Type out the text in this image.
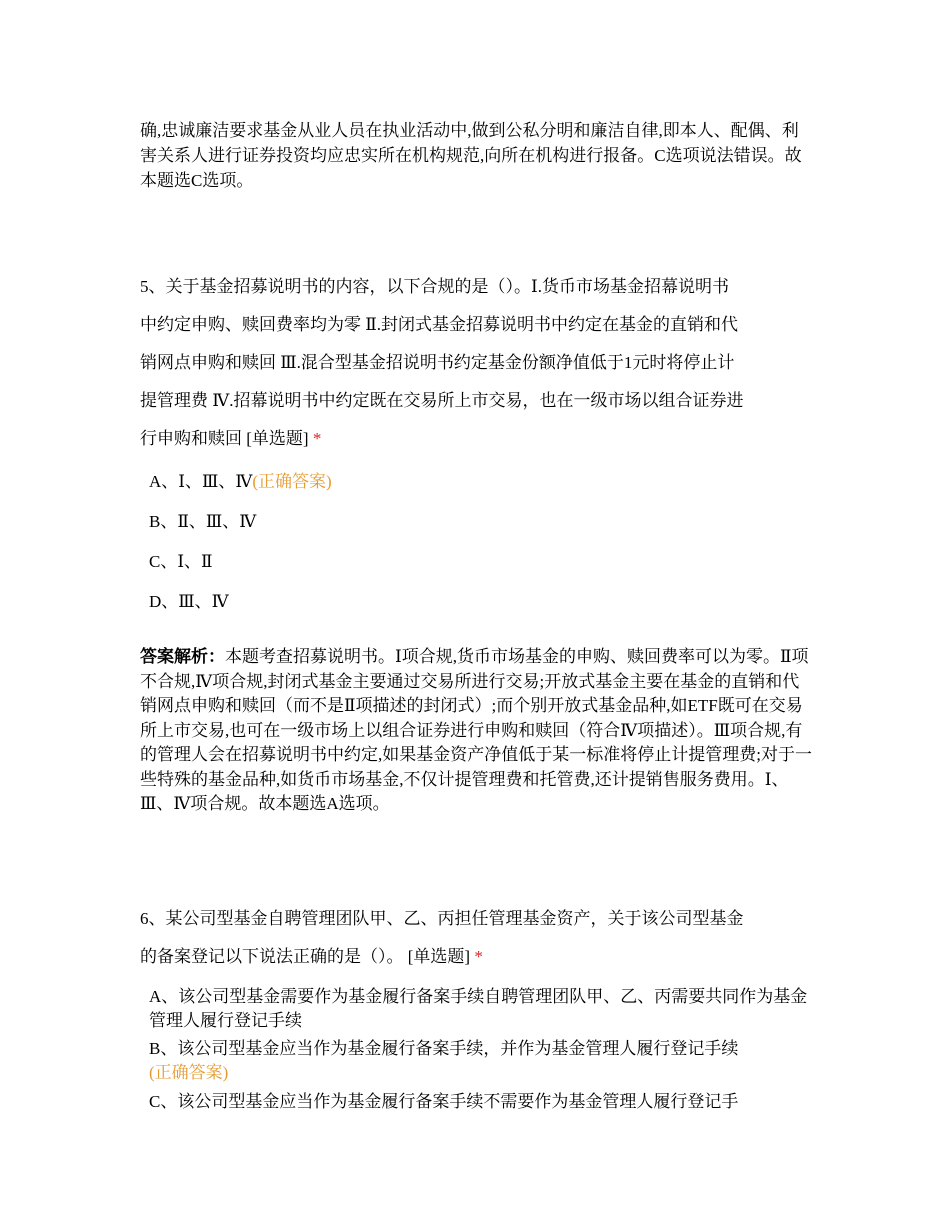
确,忠诚廉洁要求基金从业人员在执业活动中,做到公私分明和廉洁自律,即本人、配偶、利害关系人进行证券投资均应忠实所在机构规范,向所在机构进行报备。C选项说法错误。故本题选C选项。

5、关于基金招募说明书的内容，以下合规的是（）。Ⅰ.货币市场基金招幕说明书

中约定申购、赎回费率均为零 Ⅱ.封闭式基金招募说明书中约定在基金的直销和代

销网点申购和赎回 Ⅲ.混合型基金招说明书约定基金份额净值低于1元时将停止计

提管理费 Ⅳ.招幕说明书中约定既在交易所上市交易，也在一级市场以组合证券进

行申购和赎回 [单选题] *

A、Ⅰ、Ⅲ、Ⅳ(正确答案)
B、Ⅱ、Ⅲ、Ⅳ
C、Ⅰ、Ⅱ
D、Ⅲ、Ⅳ

答案解析：本题考查招募说明书。Ⅰ项合规,货币市场基金的申购、赎回费率可以为零。Ⅱ项不合规,Ⅳ项合规,封闭式基金主要通过交易所进行交易;开放式基金主要在基金的直销和代销网点申购和赎回（而不是Ⅱ项描述的封闭式）;而个别开放式基金品种,如ETF既可在交易所上市交易,也可在一级市场上以组合证券进行申购和赎回（符合Ⅳ项描述）。Ⅲ项合规,有的管理人会在招募说明书中约定,如果基金资产净值低于某一标准将停止计提管理费;对于一些特殊的基金品种,如货币市场基金,不仅计提管理费和托管费,还计提销售服务费用。Ⅰ、Ⅲ、Ⅳ项合规。故本题选A选项。

6、某公司型基金自聘管理团队甲、乙、丙担任管理基金资产，关于该公司型基金

的备案登记以下说法正确的是（）。 [单选题] *

A、该公司型基金需要作为基金履行备案手续自聘管理团队甲、乙、丙需要共同作为基金管理人履行登记手续
B、该公司型基金应当作为基金履行备案手续，并作为基金管理人履行登记手续
(正确答案)
C、该公司型基金应当作为基金履行备案手续不需要作为基金管理人履行登记手
